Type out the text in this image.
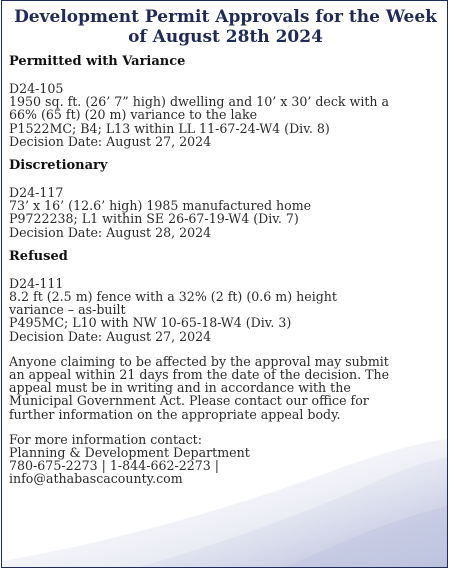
Development Permit Approvals for the Week
of August 28th 2024
Permitted with Variance
D24-105
1950 sq. ft. (26’ 7” high) dwelling and 10’ x 30’ deck with a
66% (65 ft) (20 m) variance to the lake
P1522MC; B4; L13 within LL 11-67-24-W4 (Div. 8)
Decision Date: August 27, 2024
Discretionary
D24-117
73’ x 16’ (12.6’ high) 1985 manufactured home
P9722238; L1 within SE 26-67-19-W4 (Div. 7)
Decision Date: August 28, 2024
Refused
D24-111
8.2 ft (2.5 m) fence with a 32% (2 ft) (0.6 m) height
variance – as-built
P495MC; L10 with NW 10-65-18-W4 (Div. 3)
Decision Date: August 27, 2024
Anyone claiming to be affected by the approval may submit
an appeal within 21 days from the date of the decision. The
appeal must be in writing and in accordance with the
Municipal Government Act. Please contact our office for
further information on the appropriate appeal body.
For more information contact:
Planning & Development Department
780-675-2273 | 1-844-662-2273 |
info@athabascacounty.com
